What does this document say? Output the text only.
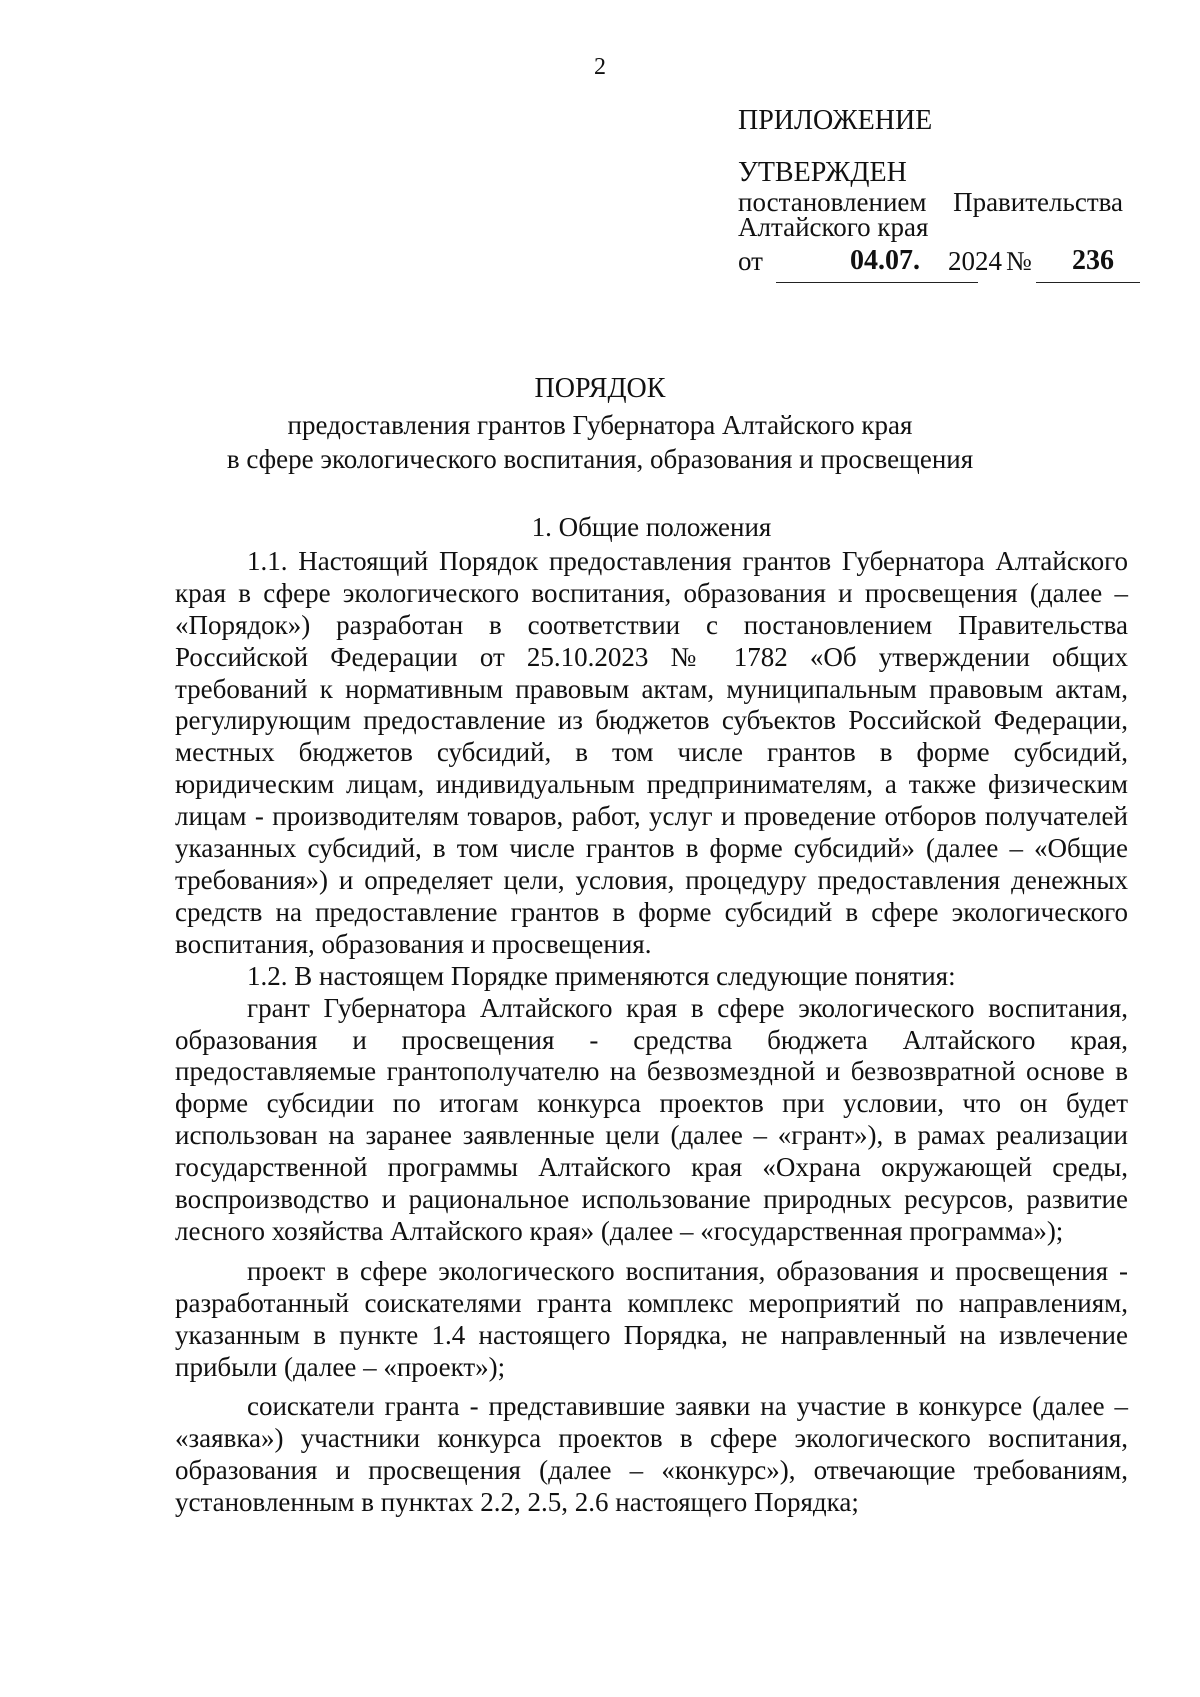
2
ПРИЛОЖЕНИЕ
УТВЕРЖДЕН
постановлением Правительства
Алтайского края
от	04.07. 2024 № 236
ПОРЯДОК
предоставления грантов Губернатора Алтайского края
в сфере экологического воспитания, образования и просвещения
1. Общие положения

1.1. Настоящий Порядок предоставления грантов Губернатора Алтайского края в сфере экологического воспитания, образования и просвещения (далее – «Порядок») разработан в соответствии с постановлением Правительства Российской Федерации от 25.10.2023 № 1782 «Об утверждении общих требований к нормативным правовым актам, муниципальным правовым актам, регулирующим предоставление из бюджетов субъектов Российской Федерации, местных бюджетов субсидий, в том числе грантов в форме субсидий, юридическим лицам, индивидуальным предпринимателям, а также физическим лицам - производителям товаров, работ, услуг и проведение отборов получателей указанных субсидий, в том числе грантов в форме субсидий» (далее – «Общие требования») и определяет цели, условия, процедуру предоставления денежных средств на предоставление грантов в форме субсидий в сфере экологического воспитания, образования и просвещения.

1.2. В настоящем Порядке применяются следующие понятия:

грант Губернатора Алтайского края в сфере экологического воспитания, образования и просвещения - средства бюджета Алтайского края, предоставляемые грантополучателю на безвозмездной и безвозвратной основе в форме субсидии по итогам конкурса проектов при условии, что он будет использован на заранее заявленные цели (далее – «грант»), в рамах реализации государственной программы Алтайского края «Охрана окружающей среды, воспроизводство и рациональное использование природных ресурсов, развитие лесного хозяйства Алтайского края» (далее – «государственная программа»);

проект в сфере экологического воспитания, образования и просвещения - разработанный соискателями гранта комплекс мероприятий по направлениям, указанным в пункте 1.4 настоящего Порядка, не направленный на извлечение прибыли (далее – «проект»);

соискатели гранта - представившие заявки на участие в конкурсе (далее – «заявка») участники конкурса проектов в сфере экологического воспитания, образования и просвещения (далее – «конкурс»), отвечающие требованиям, установленным в пунктах 2.2, 2.5, 2.6 настоящего Порядка;
